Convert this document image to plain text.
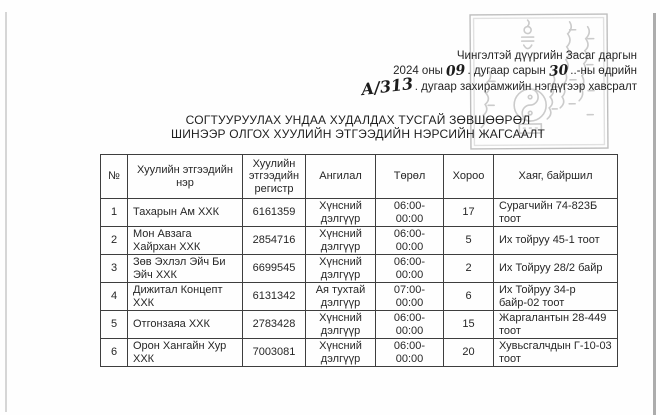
Чингэлтэй дүүргийн Засаг даргын
2024 оны 09. дугаар сарын 30..-ны өдрийн
А/313. дугаар захирамжийн нэгдүгээр хавсралт
СОГТУУРУУЛАХ УНДАА ХУДАЛДАХ ТУСГАЙ ЗӨВШӨӨРӨЛ
ШИНЭЭР ОЛГОХ ХУУЛИЙН ЭТГЭЭДИЙН НЭРСИЙН ЖАГСААЛТ
№	Хуулийн этгээдийн нэр	Хуулийн этгээдийн регистр	Ангилал	Төрөл	Хороо	Хаяг, байршил
1	Тахарын Ам ХХК	6161359	Хүнсний дэлгүүр	06:00-00:00	17	Сурагчийн 74-823Б тоот
2	Мон Авзага Хайрхан ХХК	2854716	Хүнсний дэлгүүр	06:00-00:00	5	Их тойруу 45-1 тоот
3	Зөв Эхлэл Эйч Би Эйч ХХК	6699545	Хүнсний дэлгүүр	06:00-00:00	2	Их Тойруу 28/2 байр
4	Дижитал Концепт ХХК	6131342	Ая тухтай дэлгүүр	07:00-00:00	6	Их Тойруу 34-р байр-02 тоот
5	Отгонзаяа ХХК	2783428	Хүнсний дэлгүүр	06:00-00:00	15	Жаргалантын 28-449 тоот
6	Орон Хангайн Хур ХХК	7003081	Хүнсний дэлгүүр	06:00-00:00	20	Хувьсгалчдын Г-10-03 тоот
